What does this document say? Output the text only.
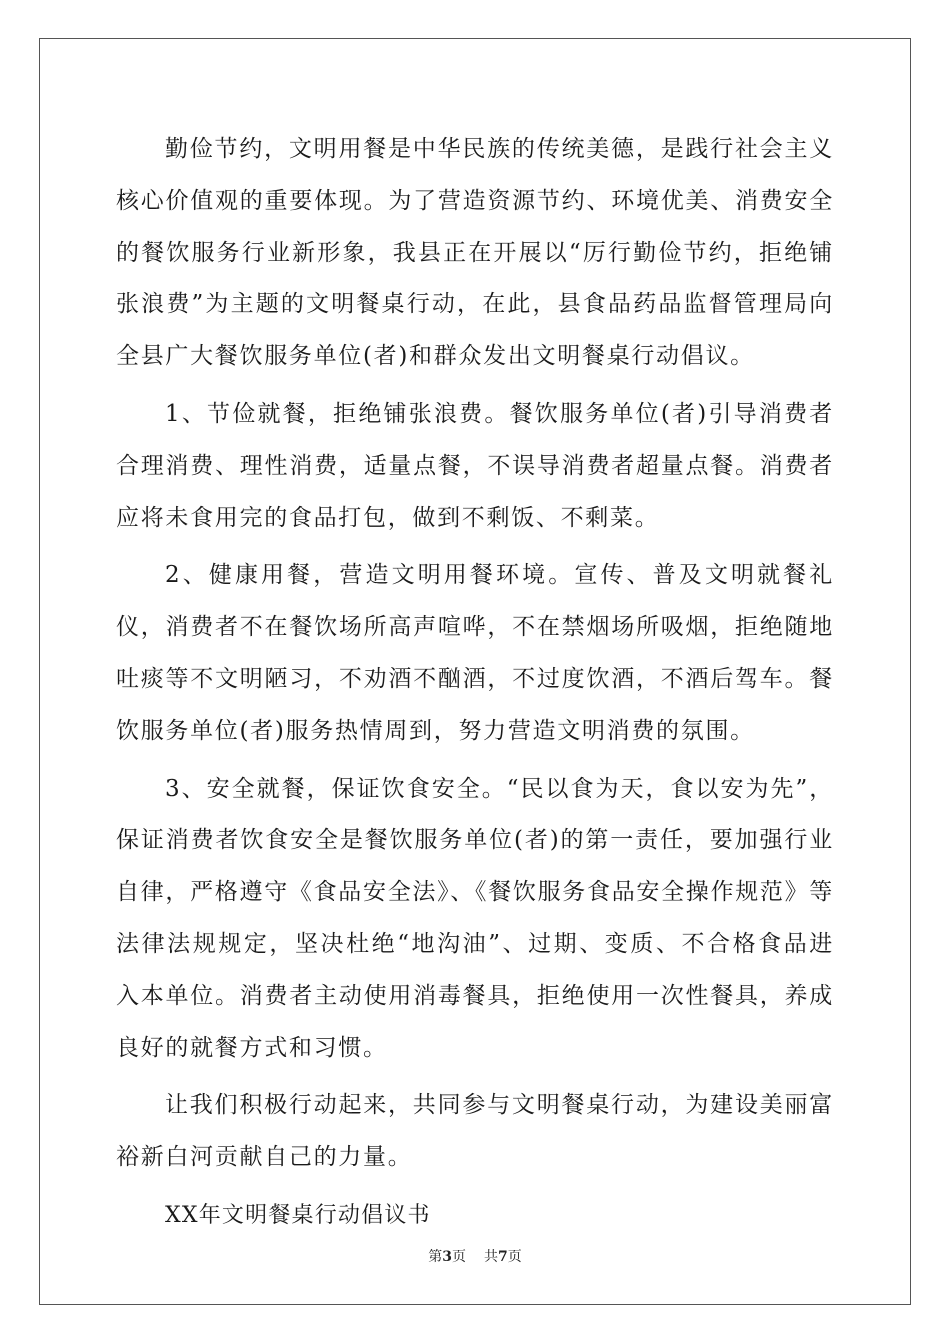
勤俭节约，文明用餐是中华民族的传统美德，是践行社会主义核心价值观的重要体现。为了营造资源节约、环境优美、消费安全的餐饮服务行业新形象，我县正在开展以“厉行勤俭节约，拒绝铺张浪费”为主题的文明餐桌行动，在此，县食品药品监督管理局向全县广大餐饮服务单位(者)和群众发出文明餐桌行动倡议。

1、节俭就餐，拒绝铺张浪费。餐饮服务单位(者)引导消费者合理消费、理性消费，适量点餐，不误导消费者超量点餐。消费者应将未食用完的食品打包，做到不剩饭、不剩菜。

2、健康用餐，营造文明用餐环境。宣传、普及文明就餐礼仪，消费者不在餐饮场所高声喧哗，不在禁烟场所吸烟，拒绝随地吐痰等不文明陋习，不劝酒不酗酒，不过度饮酒，不酒后驾车。餐饮服务单位(者)服务热情周到，努力营造文明消费的氛围。

3、安全就餐，保证饮食安全。“民以食为天，食以安为先”，保证消费者饮食安全是餐饮服务单位(者)的第一责任，要加强行业自律，严格遵守《食品安全法》、《餐饮服务食品安全操作规范》等法律法规规定，坚决杜绝“地沟油”、过期、变质、不合格食品进入本单位。消费者主动使用消毒餐具，拒绝使用一次性餐具，养成良好的就餐方式和习惯。

让我们积极行动起来，共同参与文明餐桌行动，为建设美丽富裕新白河贡献自己的力量。

XX年文明餐桌行动倡议书

第3页 共7页
